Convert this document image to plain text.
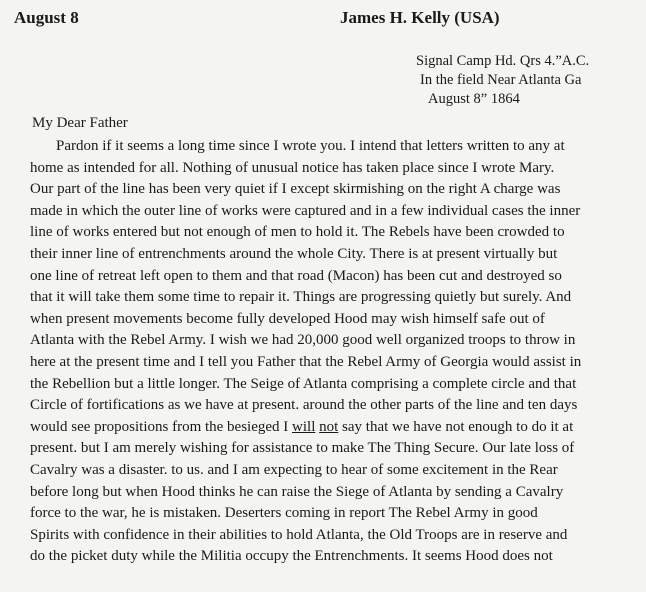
August 8	James H. Kelly (USA)
Signal Camp Hd. Qrs 4.”A.C.
In the field Near Atlanta Ga
August 8” 1864
My Dear Father
Pardon if it seems a long time since I wrote you. I intend that letters written to any at
home as intended for all. Nothing of unusual notice has taken place since I wrote Mary.
Our part of the line has been very quiet if I except skirmishing on the right A charge was
made in which the outer line of works were captured and in a few individual cases the inner
line of works entered but not enough of men to hold it. The Rebels have been crowded to
their inner line of entrenchments around the whole City. There is at present virtually but
one line of retreat left open to them and that road (Macon) has been cut and destroyed so
that it will take them some time to repair it. Things are progressing quietly but surely. And
when present movements become fully developed Hood may wish himself safe out of
Atlanta with the Rebel Army. I wish we had 20,000 good well organized troops to throw in
here at the present time and I tell you Father that the Rebel Army of Georgia would assist in
the Rebellion but a little longer. The Seige of Atlanta comprising a complete circle and that
Circle of fortifications as we have at present. around the other parts of the line and ten days
would see propositions from the besieged I will not say that we have not enough to do it at
present. but I am merely wishing for assistance to make The Thing Secure. Our late loss of
Cavalry was a disaster. to us. and I am expecting to hear of some excitement in the Rear
before long but when Hood thinks he can raise the Siege of Atlanta by sending a Cavalry
force to the war, he is mistaken. Deserters coming in report The Rebel Army in good
Spirits with confidence in their abilities to hold Atlanta, the Old Troops are in reserve and
do the picket duty while the Militia occupy the Entrenchments. It seems Hood does not
